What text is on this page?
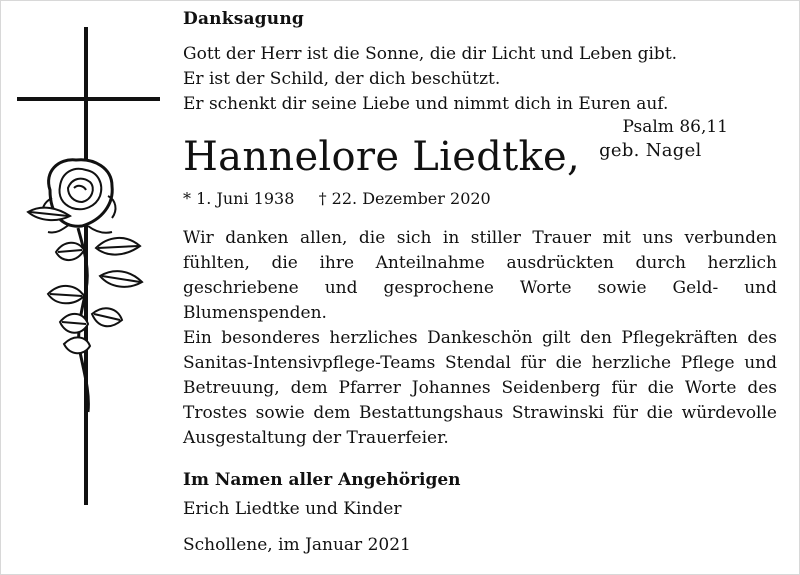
Danksagung
Gott der Herr ist die Sonne, die dir Licht und Leben gibt.
Er ist der Schild, der dich beschützt.
Er schenkt dir seine Liebe und nimmt dich in Euren auf.
Psalm 86,11
Hannelore Liedtke, $^{geb. Nagel}$
* 1. Juni 1938 † 22. Dezember 2020

Wir danken allen, die sich in stiller Trauer mit uns verbunden fühlten, die ihre Anteilnahme ausdrückten durch herzlich geschriebene und gesprochene Worte sowie Geld- und Blumenspenden.

Ein besonderes herzliches Dankeschön gilt den Pflegekräften des Sanitas-Intensivpflege-Teams Stendal für die herzliche Pflege und Betreuung, dem Pfarrer Johannes Seidenberg für die Worte des Trostes sowie dem Bestattungshaus Strawinski für die würdevolle Ausgestaltung der Trauerfeier.

Im Namen aller Angehörigen
Erich Liedtke und Kinder
Schollene, im Januar 2021
